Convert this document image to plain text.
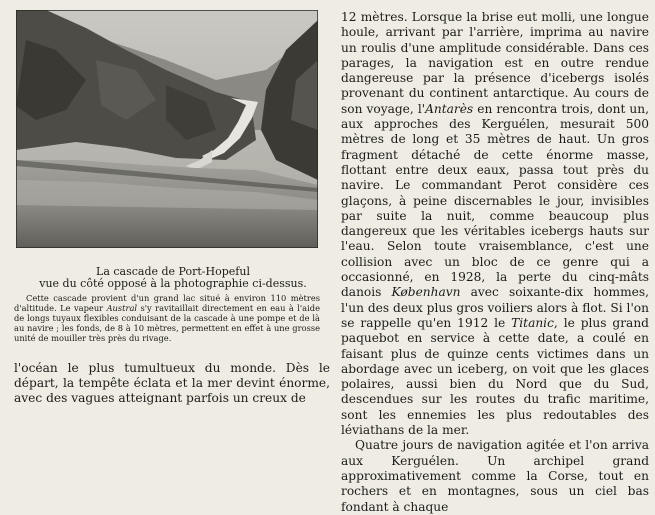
La cascade de Port-Hopeful
vue du côté opposé à la photographie ci-dessus.
Cette cascade provient d'un grand lac situé à environ 110 mètres d'altitude. Le vapeur Austral s'y ravitaillait directement en eau à l'aide de longs tuyaux flexibles conduisant de la cascade à une pompe et de là au navire ; les fonds, de 8 à 10 mètres, permettent en effet à une grosse unité de mouiller très près du rivage.
l'océan le plus tumultueux du monde. Dès le départ, la tempête éclata et la mer devint énorme, avec des vagues atteignant parfois un creux de

12 mètres. Lorsque la brise eut molli, une longue houle, arrivant par l'arrière, imprima au navire un roulis d'une amplitude considérable. Dans ces parages, la navigation est en outre rendue dangereuse par la présence d'icebergs isolés provenant du continent antarctique. Au cours de son voyage, l'Antarès en rencontra trois, dont un, aux approches des Kerguélen, mesurait 500 mètres de long et 35 mètres de haut. Un gros fragment détaché de cette énorme masse, flottant entre deux eaux, passa tout près du navire. Le commandant Perot considère ces glaçons, à peine discernables le jour, invisibles par suite la nuit, comme beaucoup plus dangereux que les véritables icebergs hauts sur l'eau. Selon toute vraisemblance, c'est une collision avec un bloc de ce genre qui a occasionné, en 1928, la perte du cinq-mâts danois København avec soixante-dix hommes, l'un des deux plus gros voiliers alors à flot. Si l'on se rappelle qu'en 1912 le Titanic, le plus grand paquebot en service à cette date, a coulé en faisant plus de quinze cents victimes dans un abordage avec un iceberg, on voit que les glaces polaires, aussi bien du Nord que du Sud, descendues sur les routes du trafic maritime, sont les ennemies les plus redoutables des léviathans de la mer.

Quatre jours de navigation agitée et l'on arriva aux Kerguélen. Un archipel grand approximativement comme la Corse, tout en rochers et en montagnes, sous un ciel bas fondant à chaque
